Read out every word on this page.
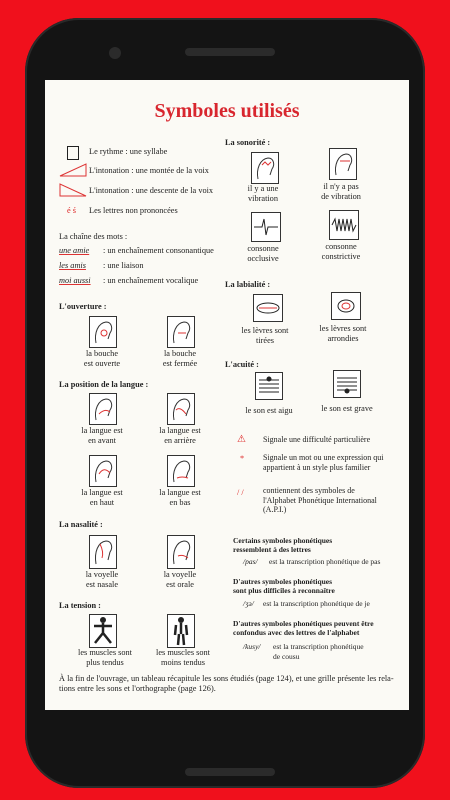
Symboles utilisés
Le rythme : une syllabe
L'intonation : une montée de la voix
L'intonation : une descente de la voix
é ś Les lettres non prononcées
La chaîne des mots :
une amie : un enchaînement consonantique
les amis : une liaison
moi aussi : un enchaînement vocalique
L'ouverture :
la bouche
est ouverte
la bouche
est fermée
La position de la langue :
la langue est
en avant
la langue est
en arrière
la langue est
en haut
la langue est
en bas
La nasalité :
la voyelle
est nasale
la voyelle
est orale
La tension :
les muscles sont
plus tendus
les muscles sont
moins tendus
La sonorité :
il y a une
vibration
il n'y a pas
de vibration
consonne
occlusive
consonne
constrictive
La labialité :
les lèvres sont
tirées
les lèvres sont
arrondies
L'acuité :
le son est aigu	le son est grave
⚠ Signale une difficulté particulière
* Signale un mot ou une expression qui
appartient à un style plus familier
/ / contiennent des symboles de
l'Alphabet Phonétique International
(A.P.I.)
Certains symboles phonétiques
ressemblent à des lettres
/pas/ est la transcription phonétique de pas
D'autres symboles phonétiques
sont plus difficiles à reconnaître
/ʒə/ est la transcription phonétique de je
D'autres symboles phonétiques peuvent être
confondus avec des lettres de l'alphabet
/kusy/ est la transcription phonétique
de cousu
À la fin de l'ouvrage, un tableau récapitule les sons étudiés (page 124), et une grille présente les rela-
tions entre les sons et l'orthographe (page 126).
